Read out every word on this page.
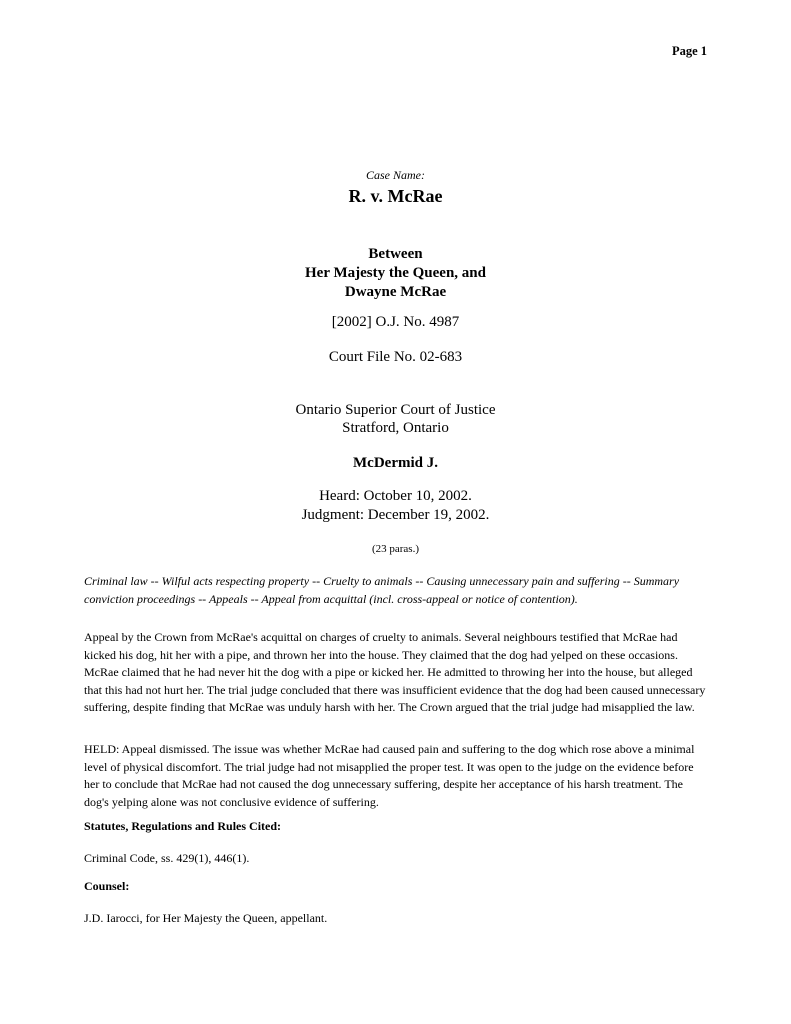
Page 1
Case Name:
R. v. McRae
Between
Her Majesty the Queen, and
Dwayne McRae
[2002] O.J. No. 4987
Court File No. 02-683
Ontario Superior Court of Justice
Stratford, Ontario
McDermid J.
Heard: October 10, 2002.
Judgment: December 19, 2002.
(23 paras.)

Criminal law -- Wilful acts respecting property -- Cruelty to animals -- Causing unnecessary pain and suffering -- Summary conviction proceedings -- Appeals -- Appeal from acquittal (incl. cross-appeal or notice of contention).

Appeal by the Crown from McRae's acquittal on charges of cruelty to animals. Several neighbours testified that McRae had kicked his dog, hit her with a pipe, and thrown her into the house. They claimed that the dog had yelped on these occasions. McRae claimed that he had never hit the dog with a pipe or kicked her. He admitted to throwing her into the house, but alleged that this had not hurt her. The trial judge concluded that there was insufficient evidence that the dog had been caused unnecessary suffering, despite finding that McRae was unduly harsh with her. The Crown argued that the trial judge had misapplied the law.

HELD: Appeal dismissed. The issue was whether McRae had caused pain and suffering to the dog which rose above a minimal level of physical discomfort. The trial judge had not misapplied the proper test. It was open to the judge on the evidence before her to conclude that McRae had not caused the dog unnecessary suffering, despite her acceptance of his harsh treatment. The dog's yelping alone was not conclusive evidence of suffering.

Statutes, Regulations and Rules Cited:
Criminal Code, ss. 429(1), 446(1).
Counsel:
J.D. Iarocci, for Her Majesty the Queen, appellant.
